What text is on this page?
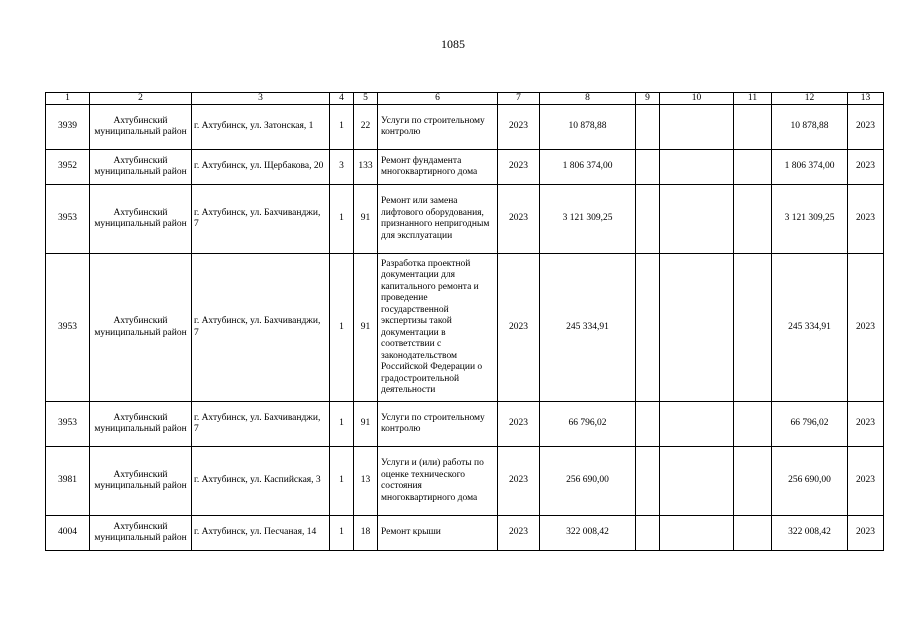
1085
1	2	3	4	5	6	7	8	9	10	11	12	13
3939	Ахтубинский муниципальный район	г. Ахтубинск, ул. Затонская, 1	1	22	Услуги по строительному контролю	2023	10 878,88				10 878,88	2023
3952	Ахтубинский муниципальный район	г. Ахтубинск, ул. Щербакова, 20	3	133	Ремонт фундамента многоквартирного дома	2023	1 806 374,00				1 806 374,00	2023
3953	Ахтубинский муниципальный район	г. Ахтубинск, ул. Бахчиванджи, 7	1	91	Ремонт или замена лифтового оборудования, признанного непригодным для эксплуатации	2023	3 121 309,25				3 121 309,25	2023
3953	Ахтубинский муниципальный район	г. Ахтубинск, ул. Бахчиванджи, 7	1	91	Разработка проектной документации для капитального ремонта и проведение государственной экспертизы такой документации в соответствии с законодательством Российской Федерации о градостроительной деятельности	2023	245 334,91				245 334,91	2023
3953	Ахтубинский муниципальный район	г. Ахтубинск, ул. Бахчиванджи, 7	1	91	Услуги по строительному контролю	2023	66 796,02				66 796,02	2023
3981	Ахтубинский муниципальный район	г. Ахтубинск, ул. Каспийская, 3	1	13	Услуги и (или) работы по оценке технического состояния многоквартирного дома	2023	256 690,00				256 690,00	2023
4004	Ахтубинский муниципальный район	г. Ахтубинск, ул. Песчаная, 14	1	18	Ремонт крыши	2023	322 008,42				322 008,42	2023
